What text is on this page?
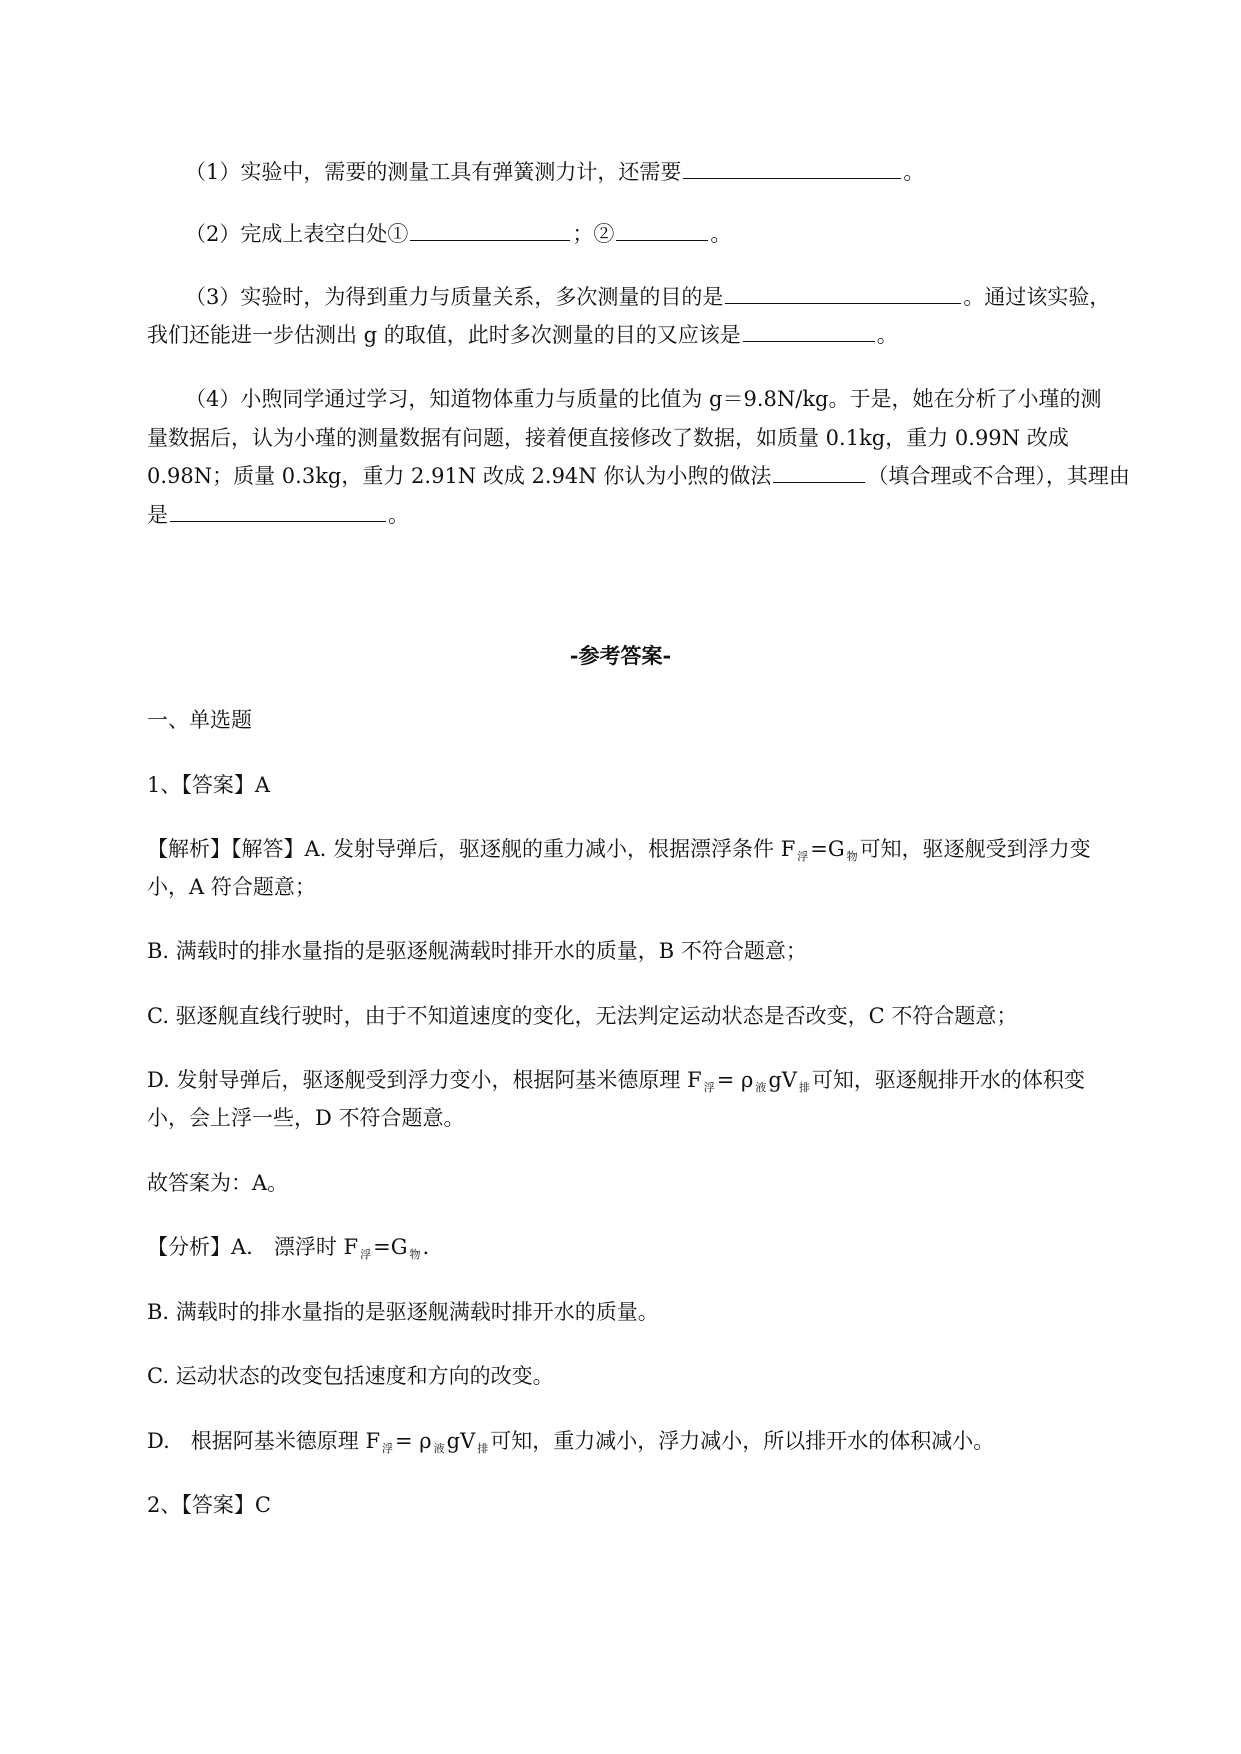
（1）实验中，需要的测量工具有弹簧测力计，还需要	。
（2）完成上表空白处①	；②	。
（3）实验时，为得到重力与质量关系，多次测量的目的是	。通过该实验，
我们还能进一步估测出 g 的取值，此时多次测量的目的又应该是	。
（4）小煦同学通过学习，知道物体重力与质量的比值为 g＝9.8N/kg。于是，她在分析了小瑾的测
量数据后，认为小瑾的测量数据有问题，接着便直接修改了数据，如质量 0.1kg，重力 0.99N 改成
0.98N；质量 0.3kg，重力 2.91N 改成 2.94N 你认为小煦的做法	（填合理或不合理），其理由
是	。
-参考答案-
一、单选题
1、【答案】A
【解析】【解答】A. 发射导弹后，驱逐舰的重力减小，根据漂浮条件 F $_浮$=G $_物$可知，驱逐舰受到浮力变
小，A 符合题意；
B. 满载时的排水量指的是驱逐舰满载时排开水的质量，B 不符合题意；
C. 驱逐舰直线行驶时，由于不知道速度的变化，无法判定运动状态是否改变，C 不符合题意；
D. 发射导弹后，驱逐舰受到浮力变小，根据阿基米德原理 F $_浮$= ρ $_液$gV $_排$可知，驱逐舰排开水的体积变
小，会上浮一些，D 不符合题意。
故答案为：A。
【分析】A.　漂浮时 F $_浮$=G $_物$.
B. 满载时的排水量指的是驱逐舰满载时排开水的质量。
C. 运动状态的改变包括速度和方向的改变。
D.　根据阿基米德原理 F $_浮$= ρ $_液$gV $_排$可知，重力减小，浮力减小，所以排开水的体积减小。
2、【答案】C
